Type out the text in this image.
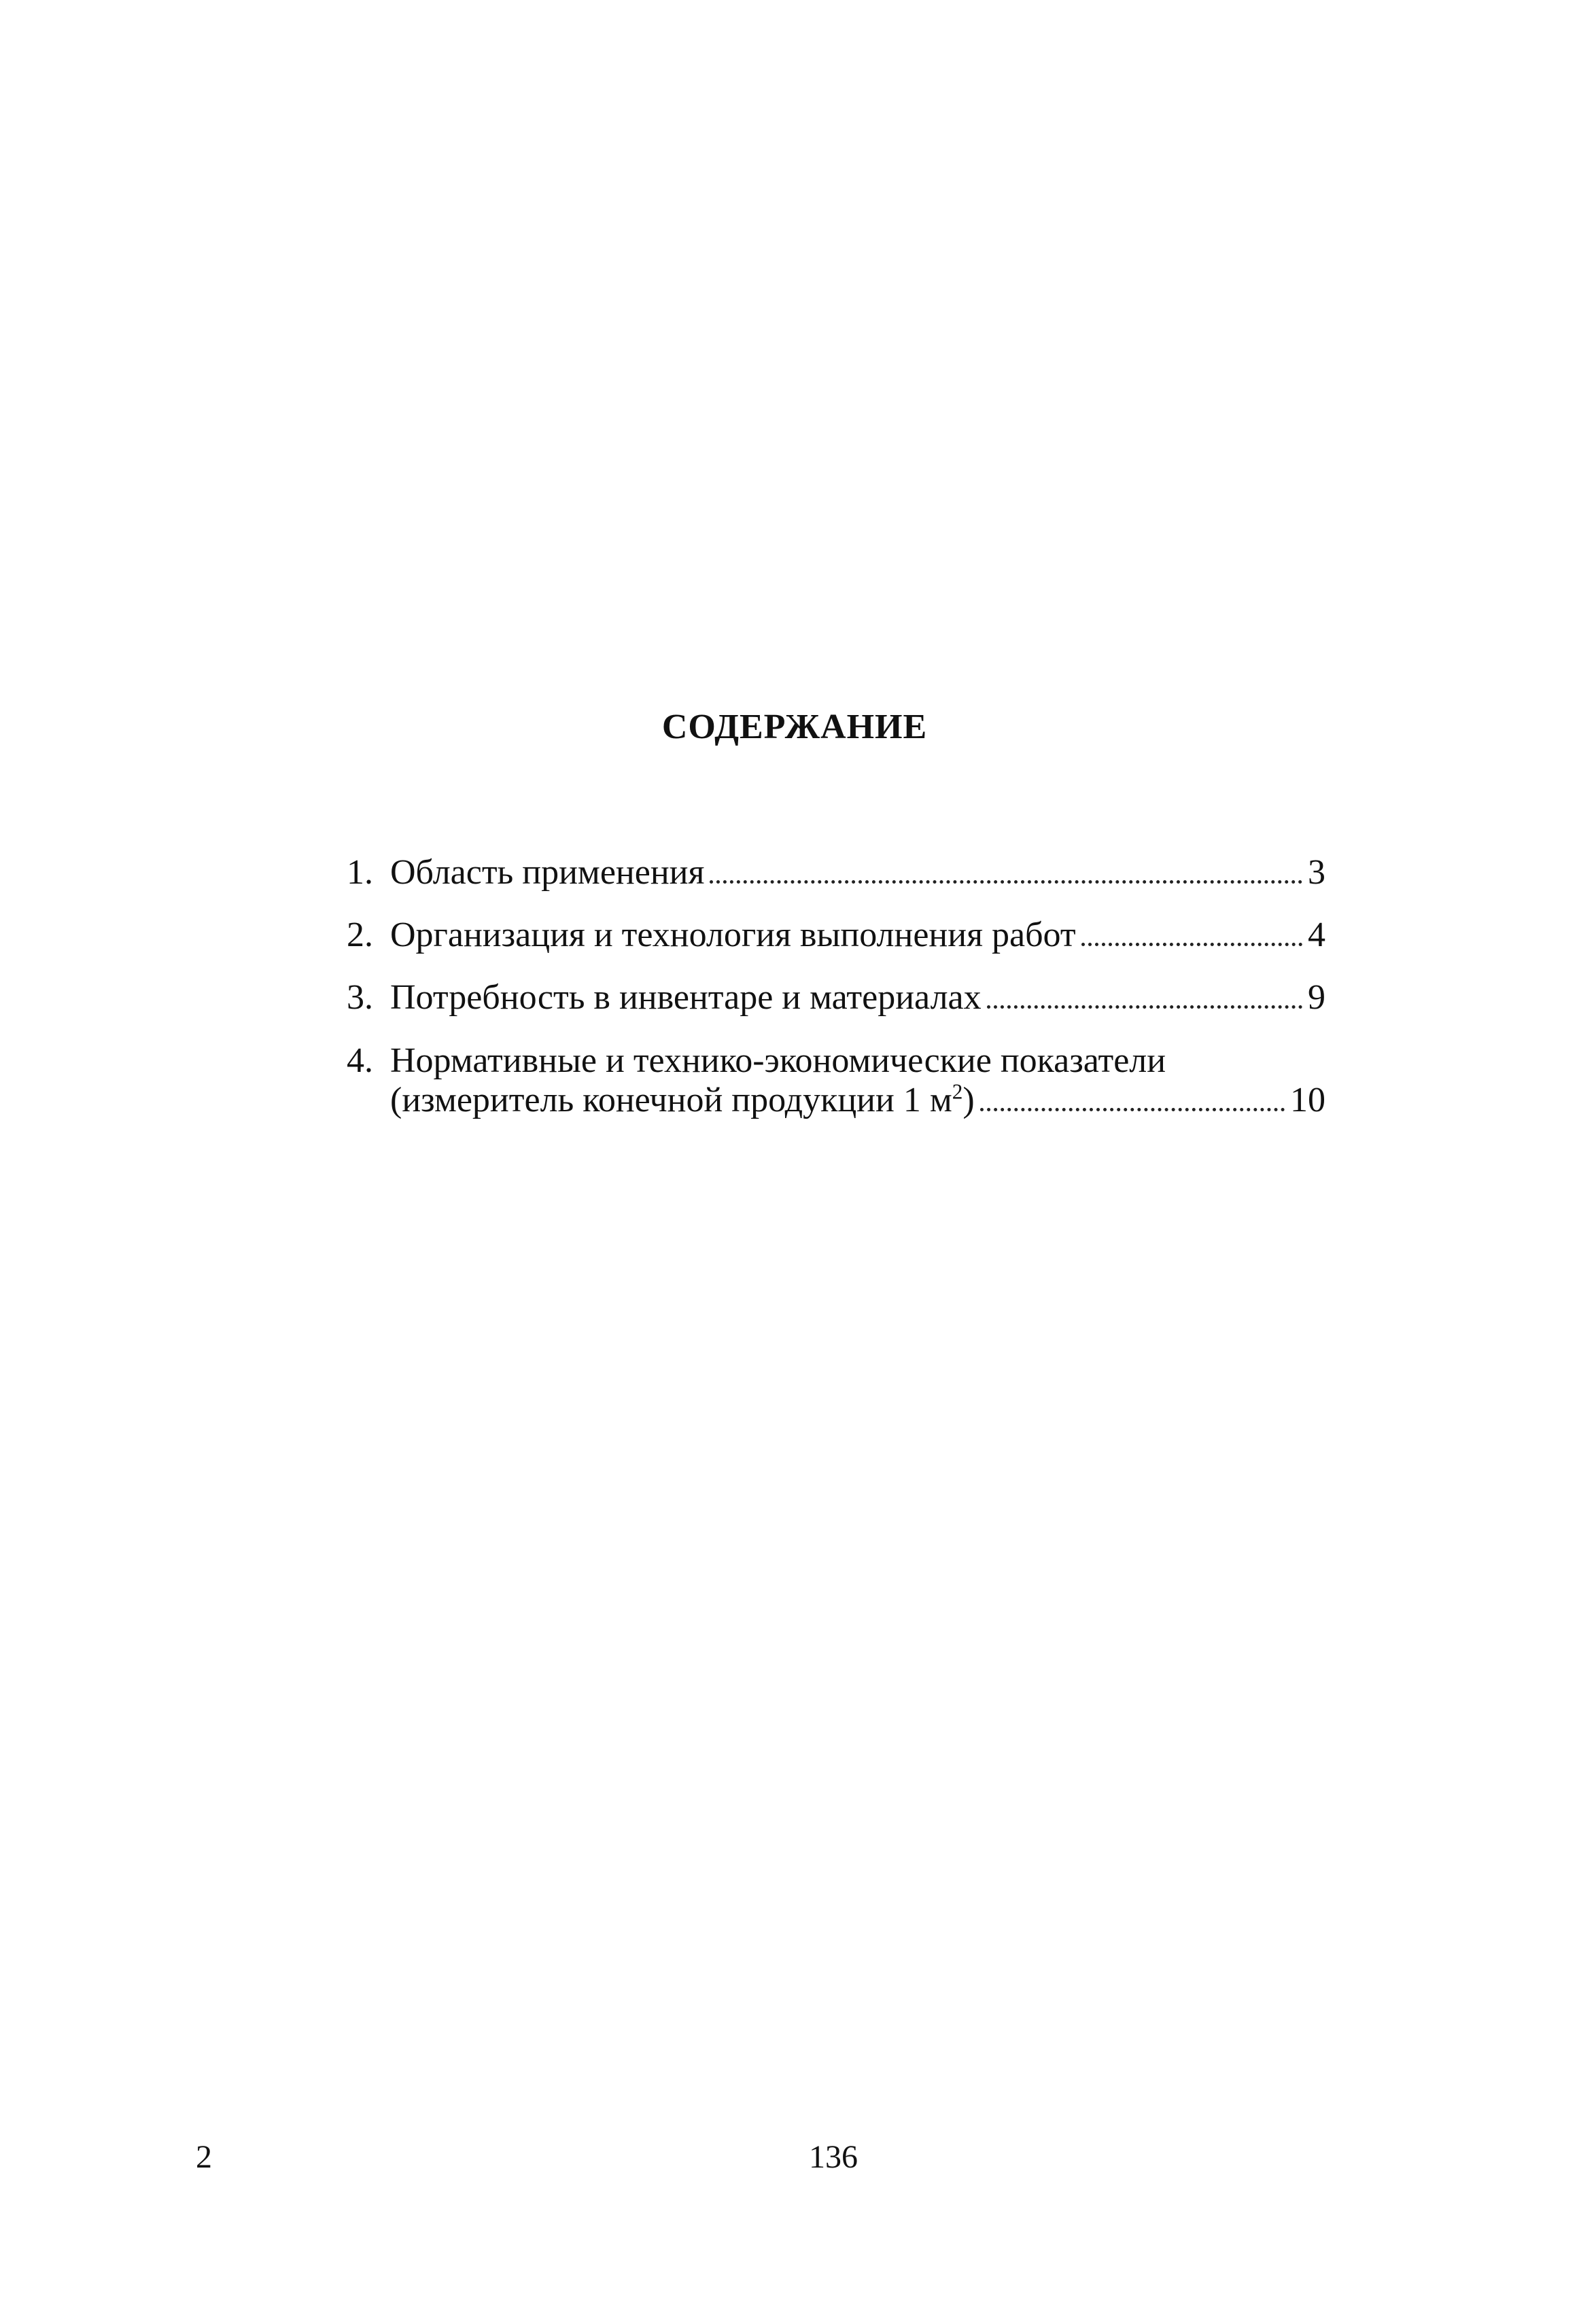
СОДЕРЖАНИЕ
1. Область применения	3
2. Организация и технология выполнения работ	4
3. Потребность в инвентаре и материалах	9
4. Нормативные и технико-экономические показатели
(измеритель конечной продукции 1 $м^2$)	10
2	136
